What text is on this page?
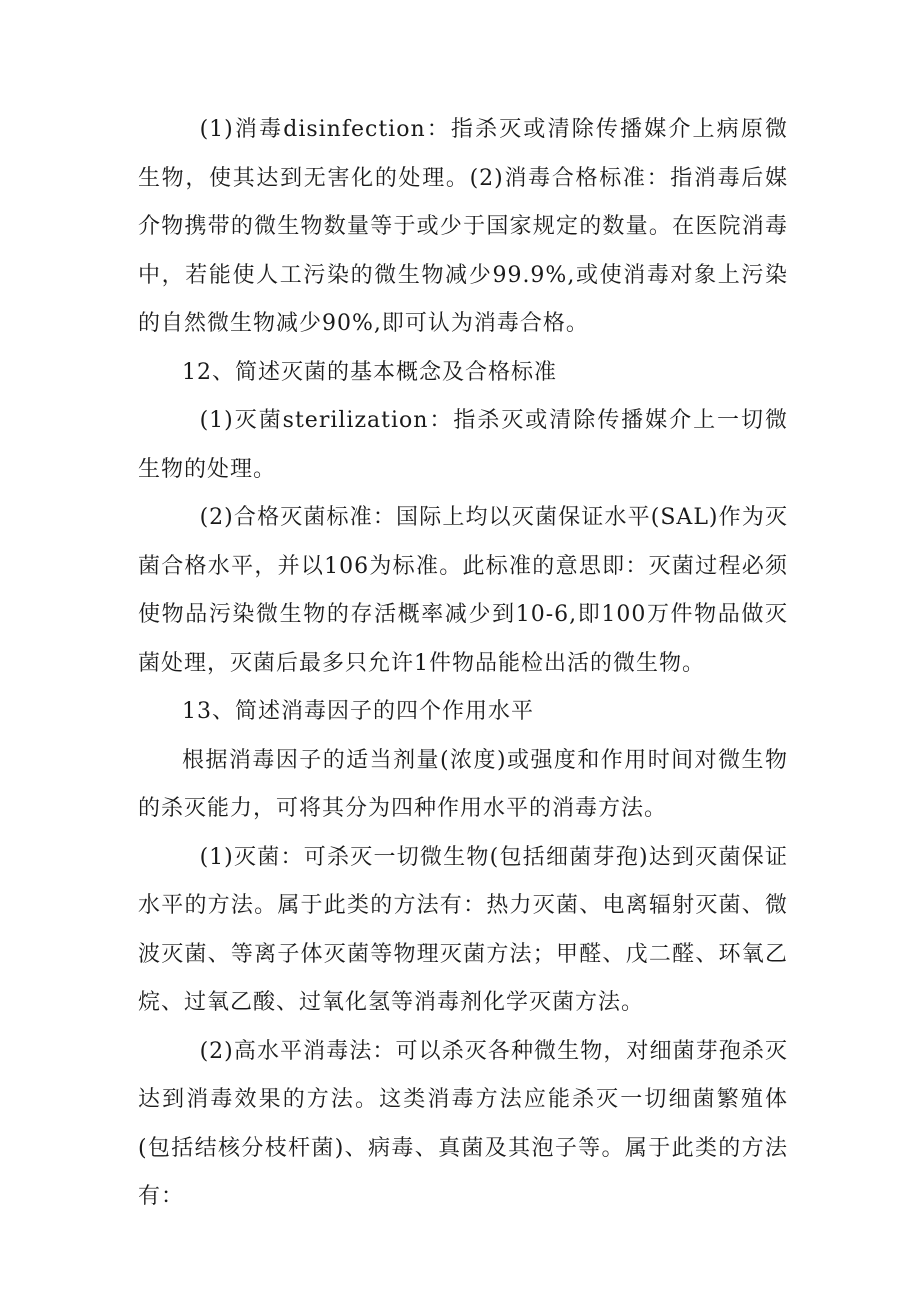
(1)消毒disinfection：指杀灭或清除传播媒介上病原微生物，使其达到无害化的处理。(2)消毒合格标准：指消毒后媒介物携带的微生物数量等于或少于国家规定的数量。在医院消毒中，若能使人工污染的微生物减少99.9%,或使消毒对象上污染的自然微生物减少90%,即可认为消毒合格。

12、简述灭菌的基本概念及合格标准

(1)灭菌sterilization：指杀灭或清除传播媒介上一切微生物的处理。

(2)合格灭菌标准：国际上均以灭菌保证水平(SAL)作为灭菌合格水平，并以106为标准。此标准的意思即：灭菌过程必须使物品污染微生物的存活概率减少到10-6,即100万件物品做灭菌处理，灭菌后最多只允许1件物品能检出活的微生物。

13、简述消毒因子的四个作用水平

根据消毒因子的适当剂量(浓度)或强度和作用时间对微生物的杀灭能力，可将其分为四种作用水平的消毒方法。

(1)灭菌：可杀灭一切微生物(包括细菌芽孢)达到灭菌保证水平的方法。属于此类的方法有：热力灭菌、电离辐射灭菌、微波灭菌、等离子体灭菌等物理灭菌方法；甲醛、戊二醛、环氧乙烷、过氧乙酸、过氧化氢等消毒剂化学灭菌方法。

(2)高水平消毒法：可以杀灭各种微生物，对细菌芽孢杀灭达到消毒效果的方法。这类消毒方法应能杀灭一切细菌繁殖体(包括结核分枝杆菌)、病毒、真菌及其泡子等。属于此类的方法有：
